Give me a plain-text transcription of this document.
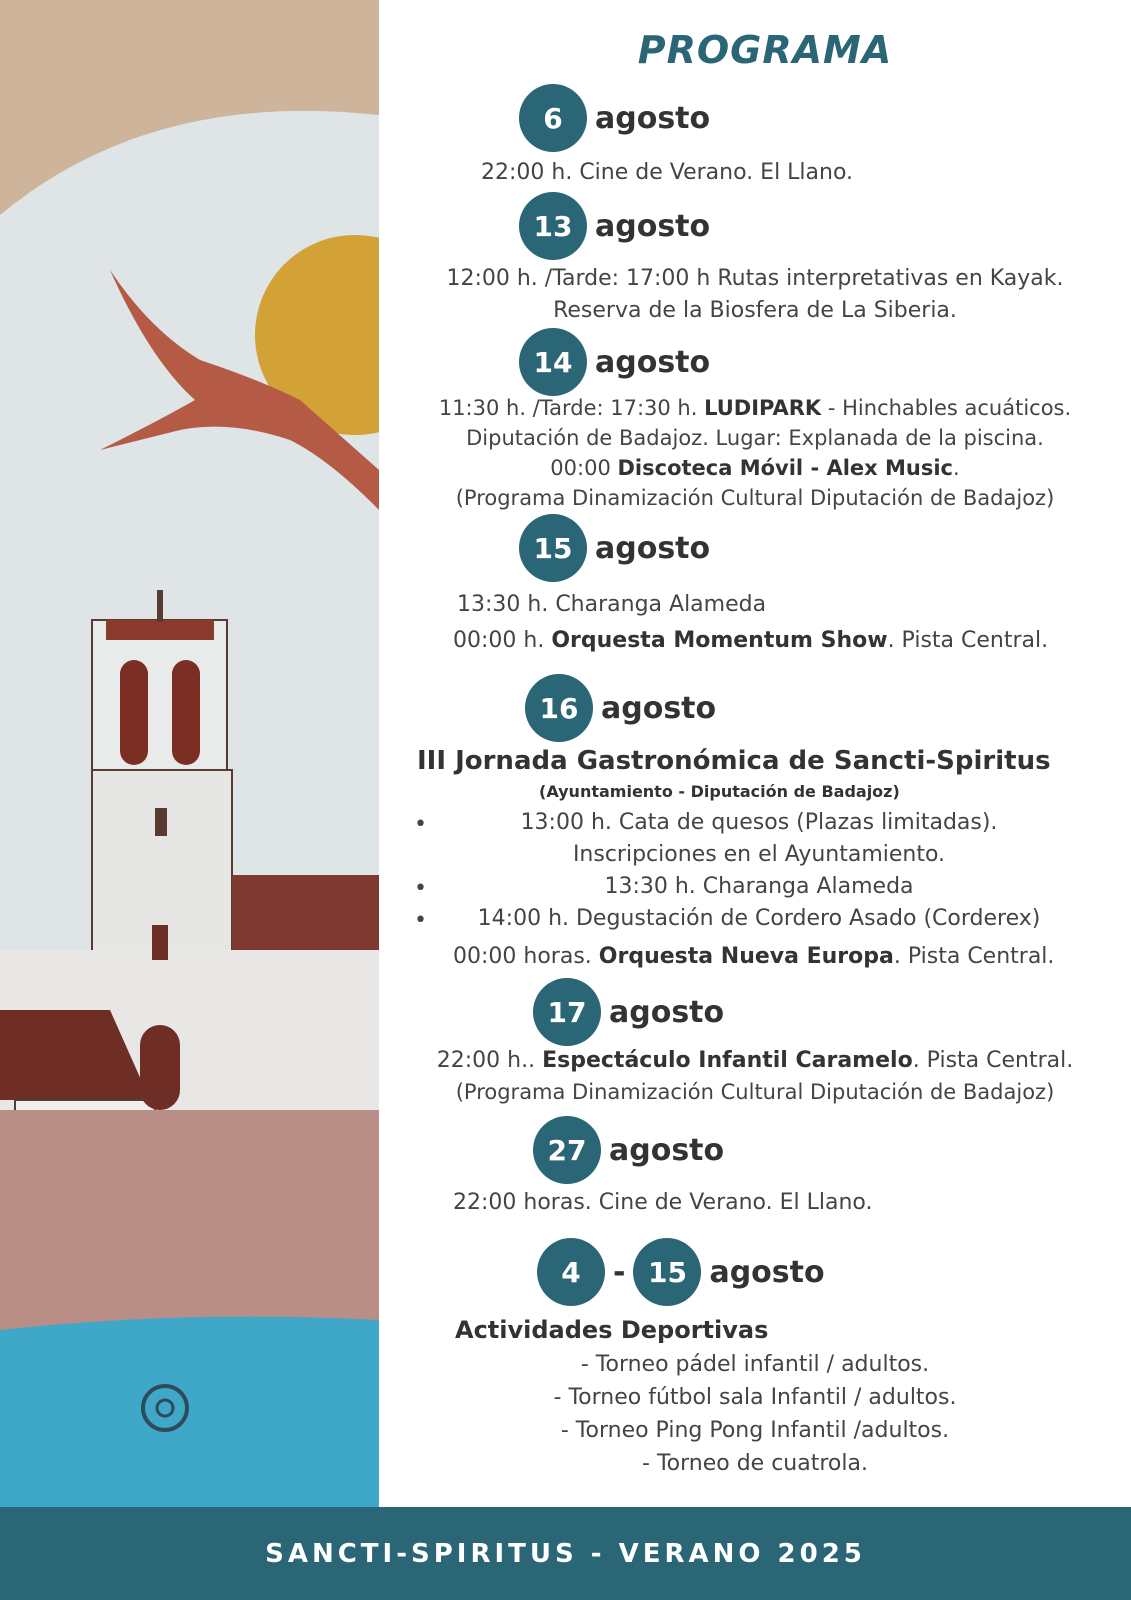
PROGRAMA
6	agosto
22:00 h. Cine de Verano. El Llano.
13 agosto
12:00 h. /Tarde: 17:00 h Rutas interpretativas en Kayak.
Reserva de la Biosfera de La Siberia.
14 agosto
11:30 h. /Tarde: 17:30 h. LUDIPARK - Hinchables acuáticos.
Diputación de Badajoz. Lugar: Explanada de la piscina.
00:00 Discoteca Móvil - Alex Music.
(Programa Dinamización Cultural Diputación de Badajoz)
15 agosto
13:30 h. Charanga Alameda
00:00 h. Orquesta Momentum Show. Pista Central.
16 agosto
III Jornada Gastronómica de Sancti-Spiritus
(Ayuntamiento - Diputación de Badajoz)
•	13:00 h. Cata de quesos (Plazas limitadas).
Inscripciones en el Ayuntamiento.
•	13:30 h. Charanga Alameda
•	14:00 h. Degustación de Cordero Asado (Corderex)
00:00 horas. Orquesta Nueva Europa. Pista Central.
17 agosto
22:00 h.. Espectáculo Infantil Caramelo. Pista Central.
(Programa Dinamización Cultural Diputación de Badajoz)
27 agosto
22:00 horas. Cine de Verano. El Llano.
4	- 15 agosto
Actividades Deportivas
- Torneo pádel infantil / adultos.
- Torneo fútbol sala Infantil / adultos.
- Torneo Ping Pong Infantil /adultos.
- Torneo de cuatrola.
SANCTI-SPIRITUS - VERANO 2025
